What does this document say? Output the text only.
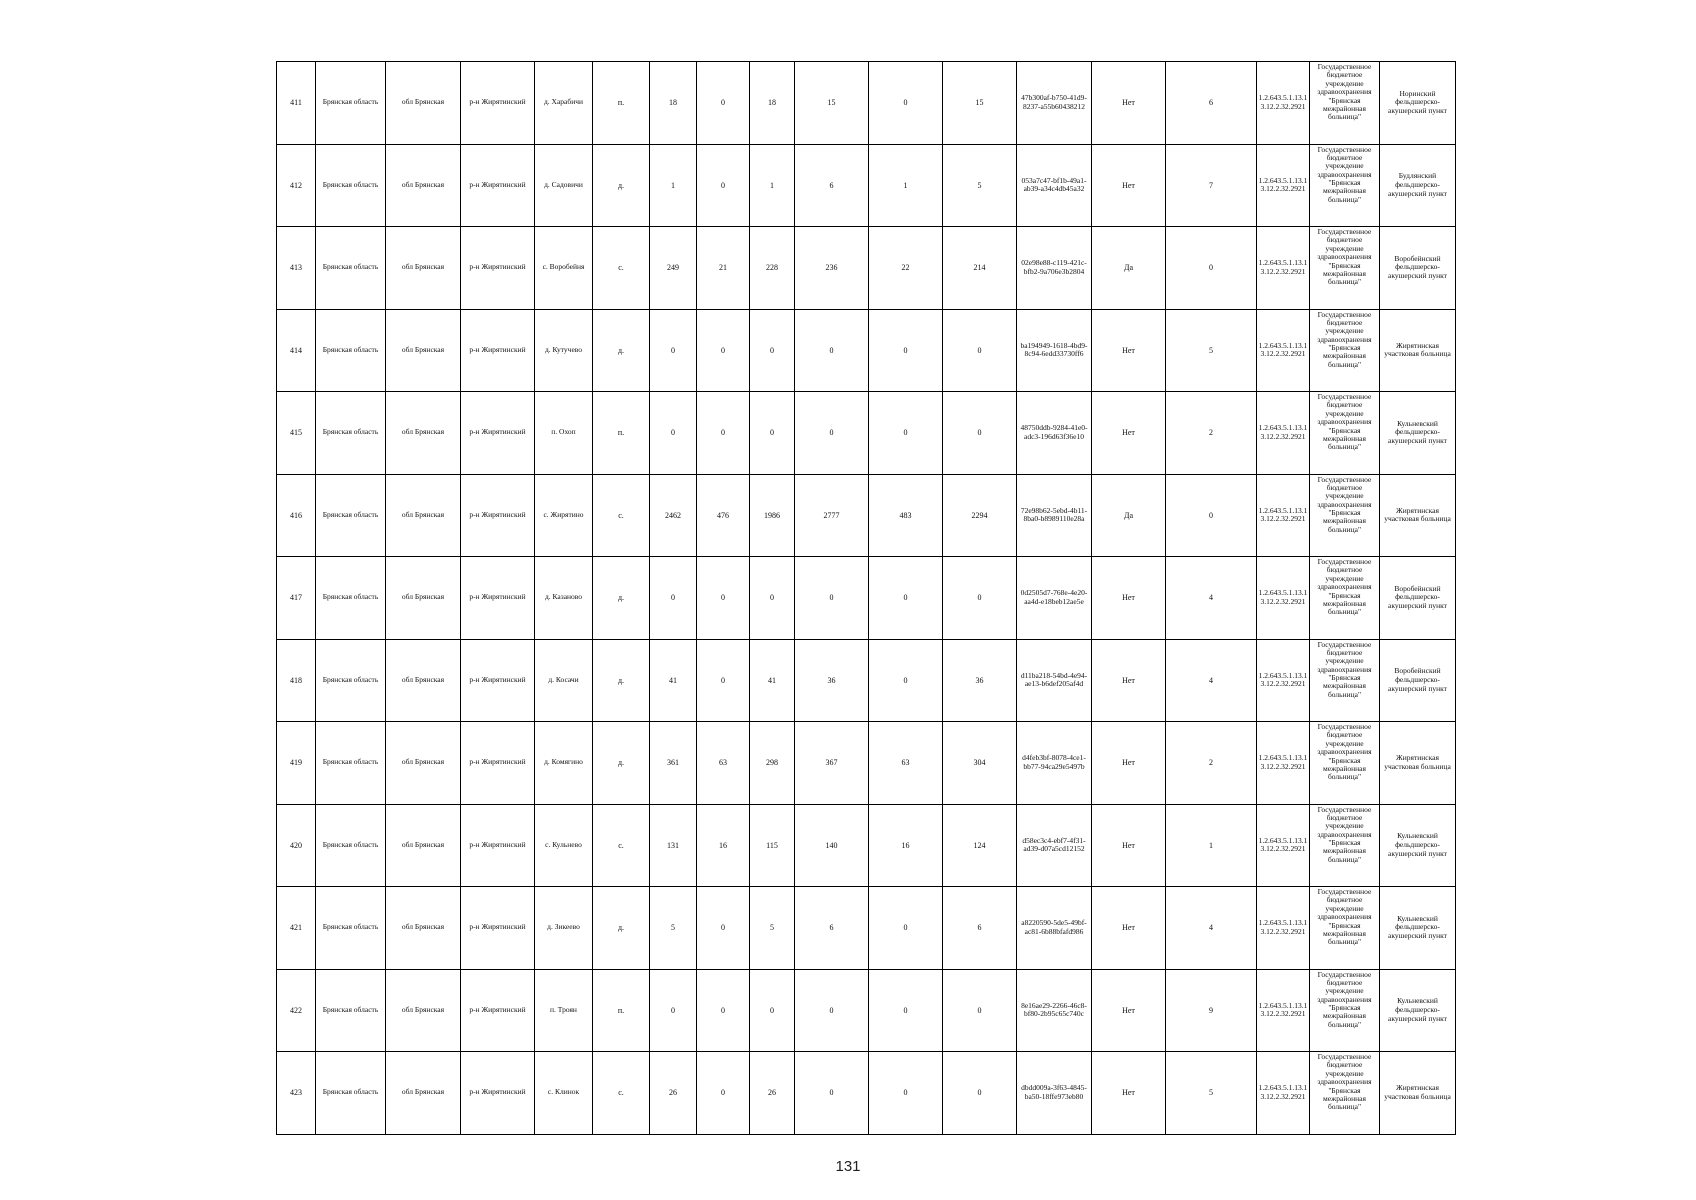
411	Брянская область	обл Брянская	р-н Жирятинский	д. Харабичи	п.	18	0	18	15	0	15	47b300af-b750-41d9-8237-a55b60438212	Нет	6	1.2.643.5.1.13.13.12.2.32.2921	Государственное бюджетное учреждение здравоохранения "Брянская межрайонная больница"	Норинский фельдшерско-акушерский пункт
412	Брянская область	обл Брянская	р-н Жирятинский	д. Садовичи	д.	1	0	1	6	1	5	053a7c47-bf1b-49a1-ab39-a34c4db45a32	Нет	7	1.2.643.5.1.13.13.12.2.32.2921	Государственное бюджетное учреждение здравоохранения "Брянская межрайонная больница"	Будлянский фельдшерско-акушерский пункт
413	Брянская область	обл Брянская	р-н Жирятинский	с. Воробейня	с.	249	21	228	236	22	214	02e98e88-c119-421c-bfb2-9a706e3b2804	Да	0	1.2.643.5.1.13.13.12.2.32.2921	Государственное бюджетное учреждение здравоохранения "Брянская межрайонная больница"	Воробейнский фельдшерско-акушерский пункт
414	Брянская область	обл Брянская	р-н Жирятинский	д. Кутучево	д.	0	0	0	0	0	0	ba194949-1618-4bd9-8c94-6edd33730ff6	Нет	5	1.2.643.5.1.13.13.12.2.32.2921	Государственное бюджетное учреждение здравоохранения "Брянская межрайонная больница"	Жирятинская участковая больница
415	Брянская область	обл Брянская	р-н Жирятинский	п. Охоп	п.	0	0	0	0	0	0	48750ddb-9284-41e0-adc3-196d63f36e10	Нет	2	1.2.643.5.1.13.13.12.2.32.2921	Государственное бюджетное учреждение здравоохранения "Брянская межрайонная больница"	Кульневский фельдшерско-акушерский пункт
416	Брянская область	обл Брянская	р-н Жирятинский	с. Жирятино	с.	2462	476	1986	2777	483	2294	72e98b62-5ebd-4b11-8ba0-b8989110e28a	Да	0	1.2.643.5.1.13.13.12.2.32.2921	Государственное бюджетное учреждение здравоохранения "Брянская межрайонная больница"	Жирятинская участковая больница
417	Брянская область	обл Брянская	р-н Жирятинский	д. Казаново	д.	0	0	0	0	0	0	0d2505d7-768e-4e20-aa4d-e18beb12ae5e	Нет	4	1.2.643.5.1.13.13.12.2.32.2921	Государственное бюджетное учреждение здравоохранения "Брянская межрайонная больница"	Воробейнский фельдшерско-акушерский пункт
418	Брянская область	обл Брянская	р-н Жирятинский	д. Косачи	д.	41	0	41	36	0	36	d11ba218-54bd-4e94-ae13-b6def205af4d	Нет	4	1.2.643.5.1.13.13.12.2.32.2921	Государственное бюджетное учреждение здравоохранения "Брянская межрайонная больница"	Воробейнский фельдшерско-акушерский пункт
419	Брянская область	обл Брянская	р-н Жирятинский	д. Комягино	д.	361	63	298	367	63	304	d4feb3bf-8078-4ce1-bb77-94ca29e5497b	Нет	2	1.2.643.5.1.13.13.12.2.32.2921	Государственное бюджетное учреждение здравоохранения "Брянская межрайонная больница"	Жирятинская участковая больница
420	Брянская область	обл Брянская	р-н Жирятинский	с. Кульнево	с.	131	16	115	140	16	124	d58ec3c4-ebf7-4f31-ad39-d07a5cd12152	Нет	1	1.2.643.5.1.13.13.12.2.32.2921	Государственное бюджетное учреждение здравоохранения "Брянская межрайонная больница"	Кульневский фельдшерско-акушерский пункт
421	Брянская область	обл Брянская	р-н Жирятинский	д. Зикеево	д.	5	0	5	6	0	6	a8220590-5de5-49bf-ac81-6b88bfafd986	Нет	4	1.2.643.5.1.13.13.12.2.32.2921	Государственное бюджетное учреждение здравоохранения "Брянская межрайонная больница"	Кульневский фельдшерско-акушерский пункт
422	Брянская область	обл Брянская	р-н Жирятинский	п. Троян	п.	0	0	0	0	0	0	8e16ae29-2266-46c8-bf80-2b95c65c740c	Нет	9	1.2.643.5.1.13.13.12.2.32.2921	Государственное бюджетное учреждение здравоохранения "Брянская межрайонная больница"	Кульневский фельдшерско-акушерский пункт
423	Брянская область	обл Брянская	р-н Жирятинский	с. Клинок	с.	26	0	26	0	0	0	dbdd009a-3f63-4845-ba50-18ffe973eb80	Нет	5	1.2.643.5.1.13.13.12.2.32.2921	Государственное бюджетное учреждение здравоохранения "Брянская межрайонная больница"	Жирятинская участковая больница
131
